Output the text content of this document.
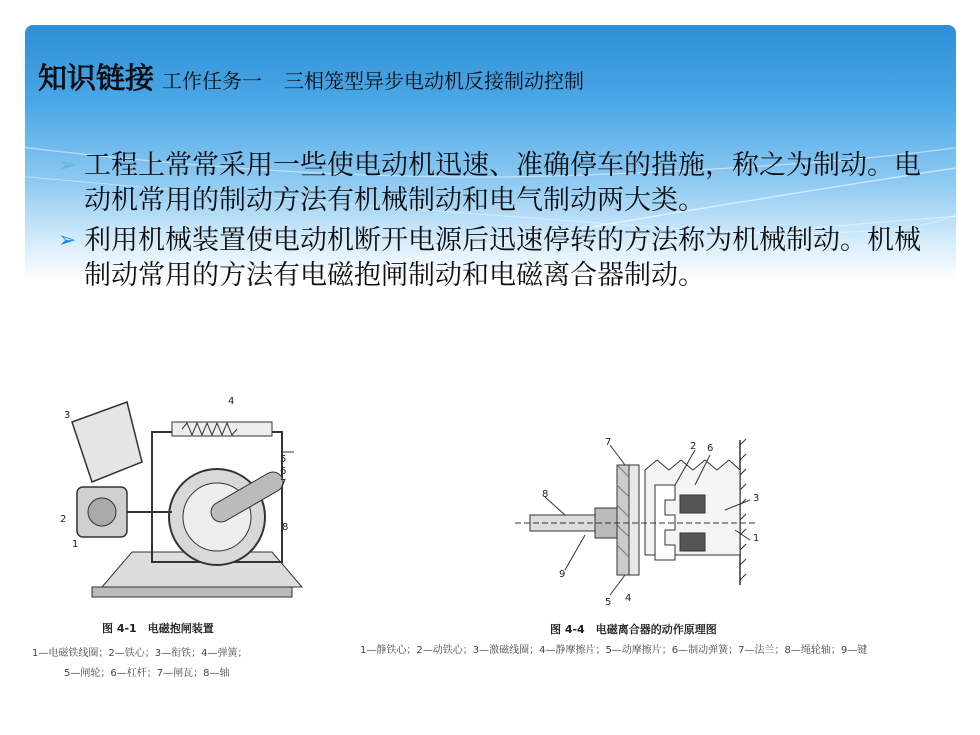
知识链接 工作任务一 三相笼型异步电动机反接制动控制
➢ 工程上常常采用一些使电动机迅速、准确停车的措施，称之为制动。电动机常用的制动方法有机械制动和电气制动两大类。
➢ 利用机械装置使电动机断开电源后迅速停转的方法称为机械制动。机械制动常用的方法有电磁抱闸制动和电磁离合器制动。
3
4
5
6
7
8
2
1
图 4-1　电磁抱闸装置
1—电磁铁线圈；2—铁心；3—衔铁；4—弹簧；
5—闸轮；6—杠杆；7—闸瓦；8—轴
7	2 6
8	3
1
9
4
5
图 4-4　电磁离合器的动作原理图
1—静铁心；2—动铁心；3—激磁线圈；4—静摩擦片；5—动摩擦片；6—制动弹簧；7—法兰；8—绳轮轴；9—键
